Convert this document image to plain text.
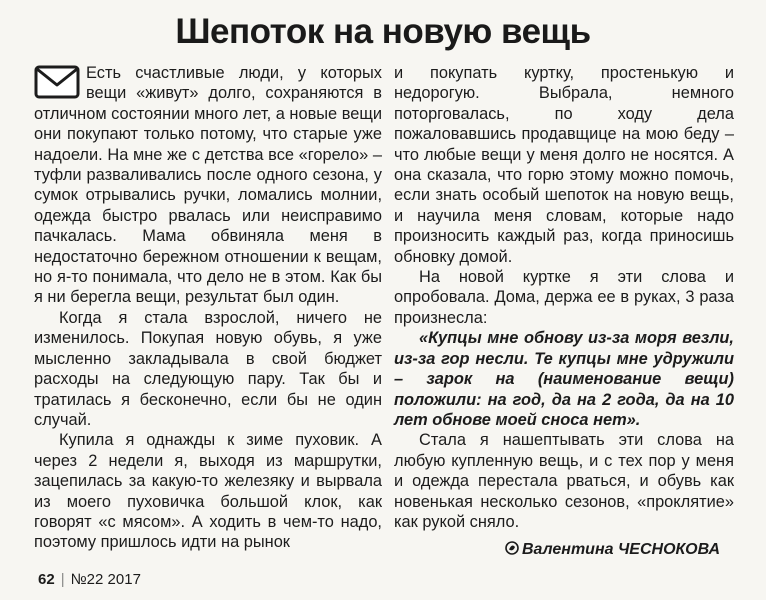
Шепоток на новую вещь

Есть счастливые люди, у которых вещи «живут» долго, сохраняются в отличном состоянии много лет, а новые вещи они покупают только потому, что старые уже надоели. На мне же с детства все «горело» – туфли разваливались после одного сезона, у сумок отрывались ручки, ломались молнии, одежда быстро рвалась или неисправимо пачкалась. Мама обвиняла меня в недостаточно бережном отношении к вещам, но я-то понимала, что дело не в этом. Как бы я ни берегла вещи, результат был один.

Когда я стала взрослой, ничего не изменилось. Покупая новую обувь, я уже мысленно закладывала в свой бюджет расходы на следующую пару. Так бы и тратилась я бесконечно, если бы не один случай.

Купила я однажды к зиме пуховик. А через 2 недели я, выходя из маршрутки, зацепилась за какую-то железяку и вырвала из моего пуховичка большой клок, как говорят «с мясом». А ходить в чем-то надо, поэтому пришлось идти на рынок

и покупать куртку, простенькую и недорогую. Выбрала, немного поторговалась, по ходу дела пожаловавшись продавщице на мою беду – что любые вещи у меня долго не носятся. А она сказала, что горю этому можно помочь, если знать особый шепоток на новую вещь, и научила меня словам, которые надо произносить каждый раз, когда приносишь обновку домой.

На новой куртке я эти слова и опробовала. Дома, держа ее в руках, 3 раза произнесла:

«Купцы мне обнову из-за моря везли, из-за гор несли. Те купцы мне удружили – зарок на (наименование вещи) положили: на год, да на 2 года, да на 10 лет обнове моей сноса нет».

Стала я нашептывать эти слова на любую купленную вещь, и с тех пор у меня и одежда перестала рваться, и обувь как новенькая несколько сезонов, «проклятие» как рукой сняло.

Валентина ЧЕСНОКОВА
62 | №22 2017
